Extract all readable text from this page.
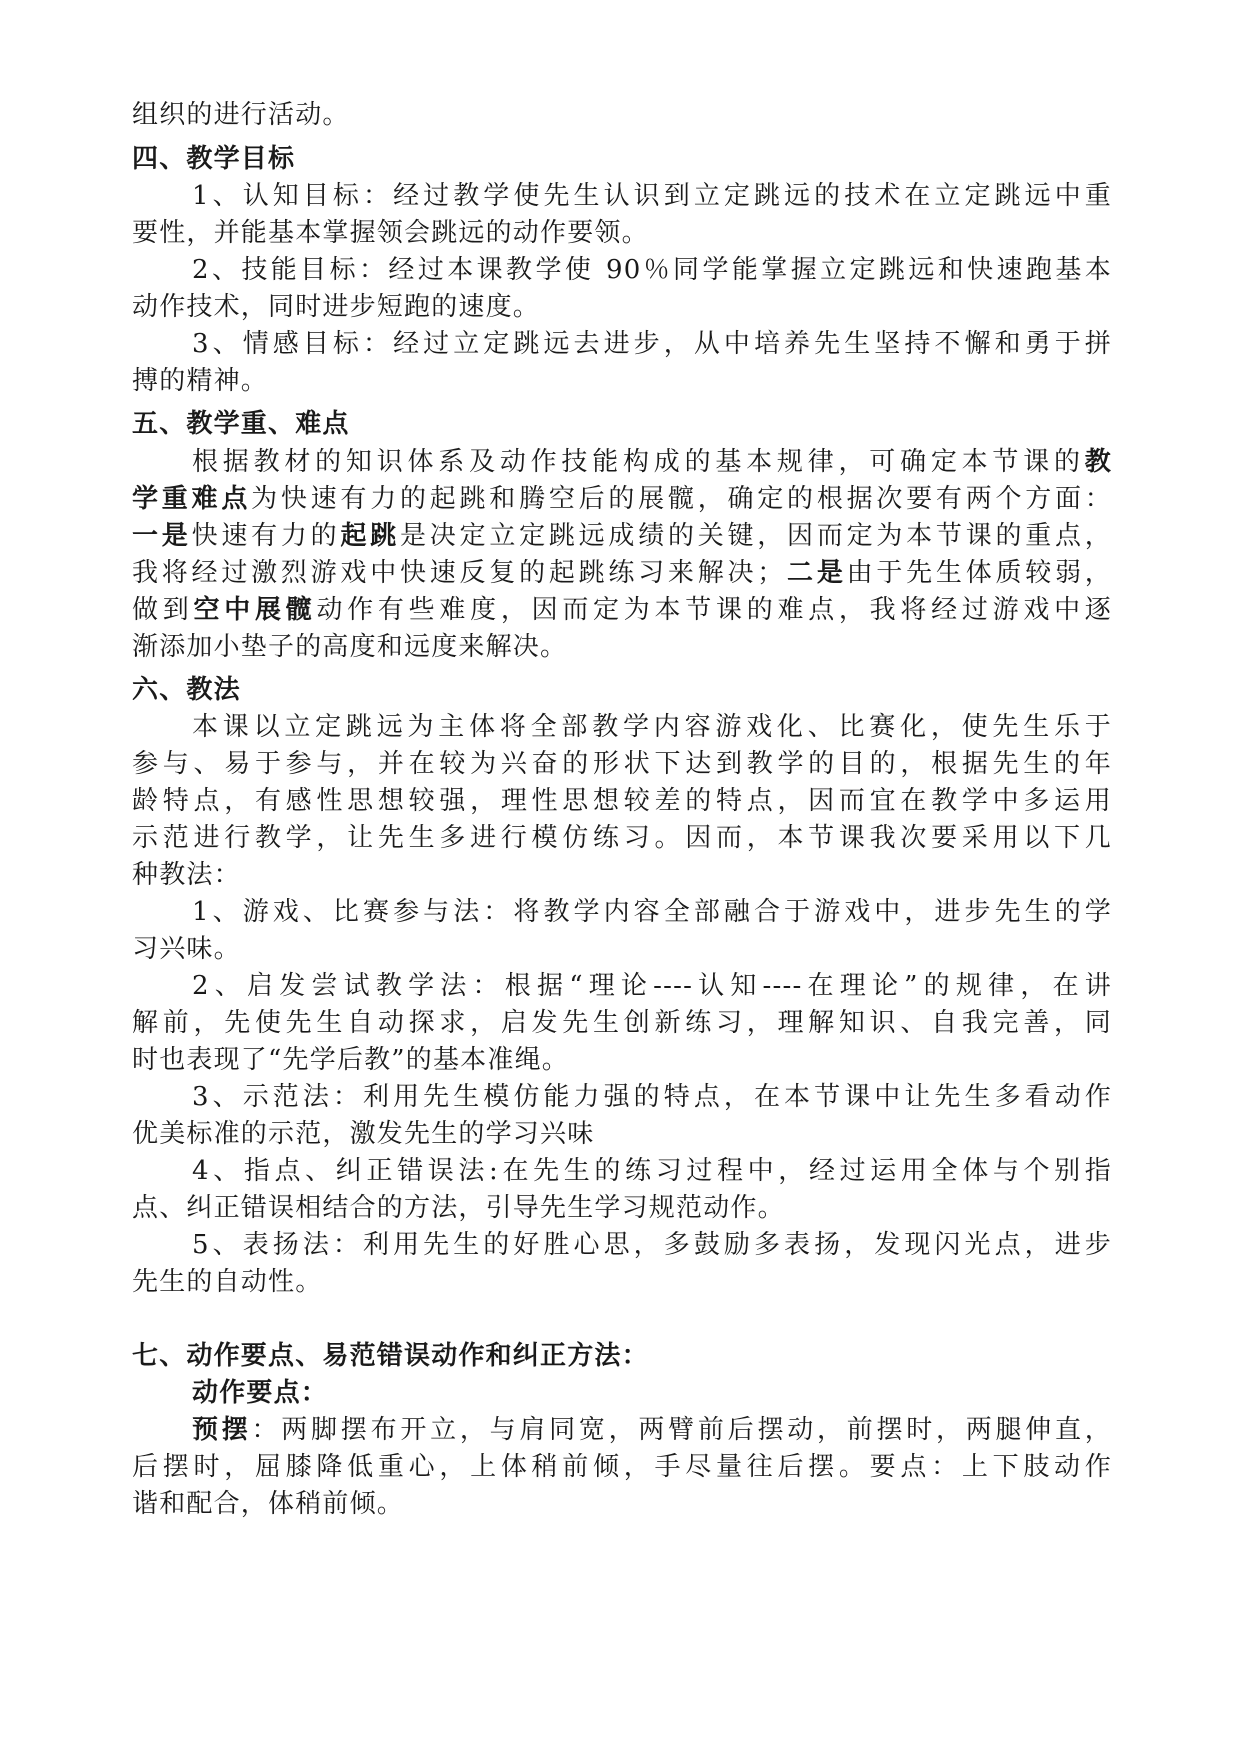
组织的进行活动。
四、教学目标
1、认知目标：经过教学使先生认识到立定跳远的技术在立定跳远中重
要性，并能基本掌握领会跳远的动作要领。
2、技能目标：经过本课教学使 90％同学能掌握立定跳远和快速跑基本
动作技术，同时进步短跑的速度。
3、情感目标：经过立定跳远去进步，从中培养先生坚持不懈和勇于拼
搏的精神。
五、教学重、难点
根据教材的知识体系及动作技能构成的基本规律，可确定本节课的教
学重难点为快速有力的起跳和腾空后的展髋，确定的根据次要有两个方面：
一是快速有力的起跳是决定立定跳远成绩的关键，因而定为本节课的重点，
我将经过激烈游戏中快速反复的起跳练习来解决；二是由于先生体质较弱，
做到空中展髋动作有些难度，因而定为本节课的难点，我将经过游戏中逐
渐添加小垫子的高度和远度来解决。
六、教法
本课以立定跳远为主体将全部教学内容游戏化、比赛化，使先生乐于
参与、易于参与，并在较为兴奋的形状下达到教学的目的，根据先生的年
龄特点，有感性思想较强，理性思想较差的特点，因而宜在教学中多运用
示范进行教学，让先生多进行模仿练习。因而，本节课我次要采用以下几
种教法：
1、游戏、比赛参与法：将教学内容全部融合于游戏中，进步先生的学
习兴味。
2、启发尝试教学法：根据“理论----认知----在理论”的规律，在讲
解前，先使先生自动探求，启发先生创新练习，理解知识、自我完善，同
时也表现了“先学后教”的基本准绳。
3、示范法：利用先生模仿能力强的特点，在本节课中让先生多看动作
优美标准的示范，激发先生的学习兴味
4、指点、纠正错误法:在先生的练习过程中，经过运用全体与个别指
点、纠正错误相结合的方法，引导先生学习规范动作。
5、表扬法：利用先生的好胜心思，多鼓励多表扬，发现闪光点，进步
先生的自动性。
七、动作要点、易范错误动作和纠正方法：
动作要点：
预摆：两脚摆布开立，与肩同宽，两臂前后摆动，前摆时，两腿伸直，
后摆时，屈膝降低重心，上体稍前倾，手尽量往后摆。要点：上下肢动作
谐和配合，体稍前倾。
